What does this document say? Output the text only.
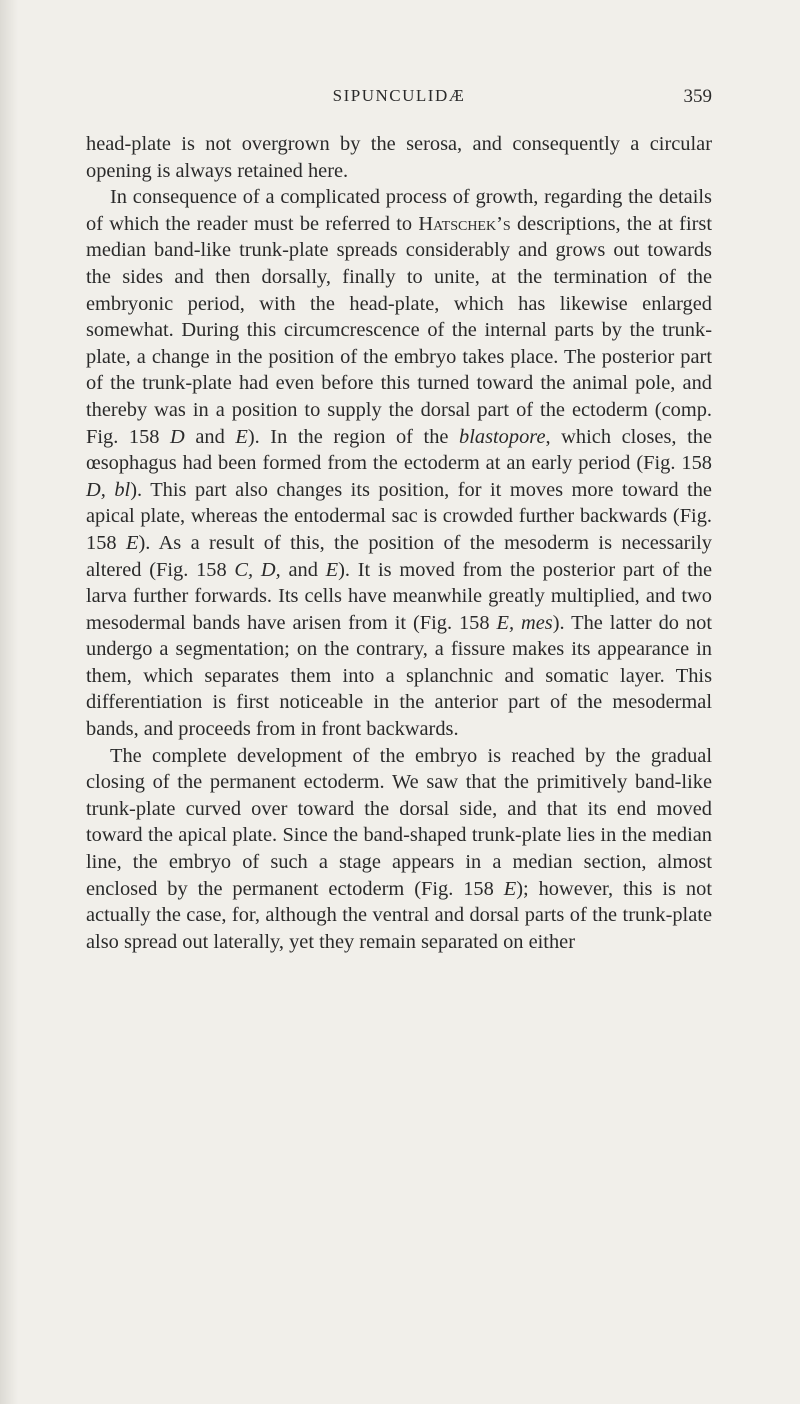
SIPUNCULIDÆ	359

head-plate is not overgrown by the serosa, and consequently a circular opening is always retained here.

In consequence of a complicated process of growth, regarding the details of which the reader must be referred to Hatschek’s descriptions, the at first median band-like trunk-plate spreads considerably and grows out towards the sides and then dorsally, finally to unite, at the termination of the embryonic period, with the head-plate, which has likewise enlarged somewhat. During this circumcrescence of the internal parts by the trunk-plate, a change in the position of the embryo takes place. The posterior part of the trunk-plate had even before this turned toward the animal pole, and thereby was in a position to supply the dorsal part of the ectoderm (comp. Fig. 158 D and E). In the region of the blastopore, which closes, the œsophagus had been formed from the ectoderm at an early period (Fig. 158 D, bl). This part also changes its position, for it moves more toward the apical plate, whereas the entodermal sac is crowded further backwards (Fig. 158 E). As a result of this, the position of the mesoderm is necessarily altered (Fig. 158 C, D, and E). It is moved from the posterior part of the larva further forwards. Its cells have meanwhile greatly multiplied, and two mesodermal bands have arisen from it (Fig. 158 E, mes). The latter do not undergo a segmentation; on the contrary, a fissure makes its appearance in them, which separates them into a splanchnic and somatic layer. This differentiation is first noticeable in the anterior part of the mesodermal bands, and proceeds from in front backwards.

The complete development of the embryo is reached by the gradual closing of the permanent ectoderm. We saw that the primitively band-like trunk-plate curved over toward the dorsal side, and that its end moved toward the apical plate. Since the band-shaped trunk-plate lies in the median line, the embryo of such a stage appears in a median section, almost enclosed by the permanent ectoderm (Fig. 158 E); however, this is not actually the case, for, although the ventral and dorsal parts of the trunk-plate also spread out laterally, yet they remain separated on either
